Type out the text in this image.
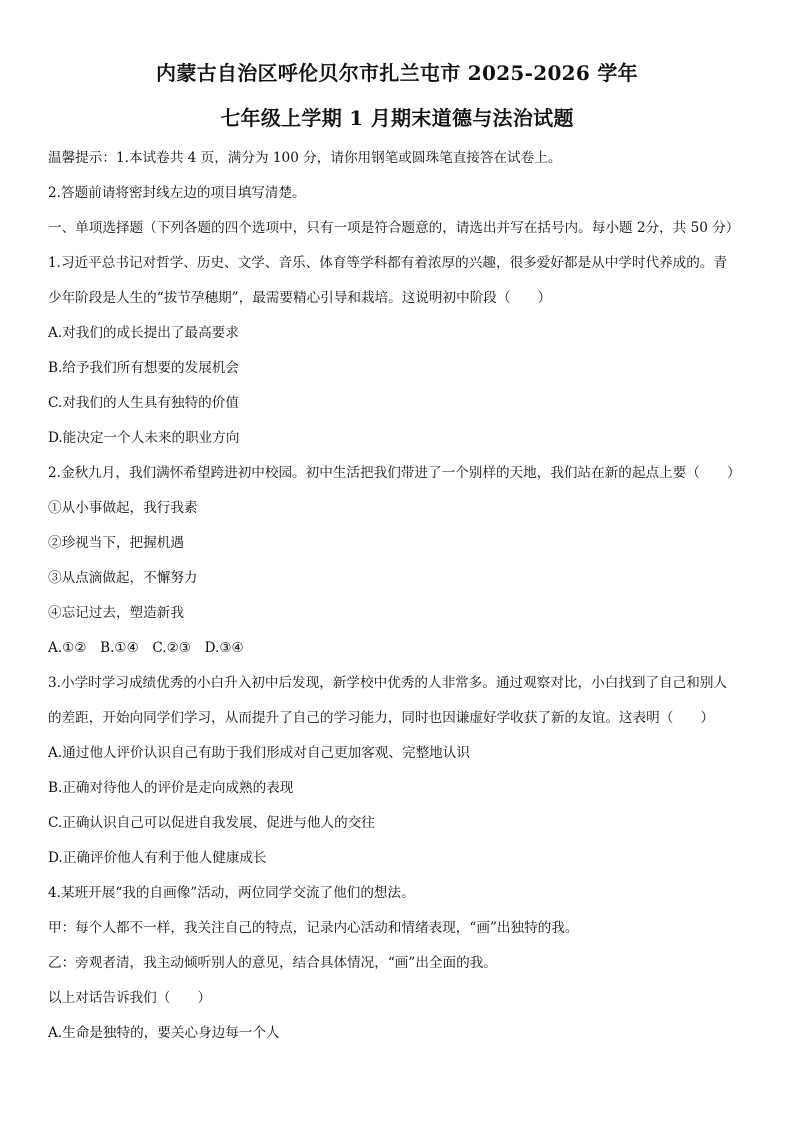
内蒙古自治区呼伦贝尔市扎兰屯市 2025-2026 学年
七年级上学期 1 月期末道德与法治试题
温馨提示：1.本试卷共 4 页，满分为 100 分，请你用钢笔或圆珠笔直接答在试卷上。
2.答题前请将密封线左边的项目填写清楚。
一、单项选择题（下列各题的四个选项中，只有一项是符合题意的，请选出并写在括号内。每小题 2分，共 50 分）
1.习近平总书记对哲学、历史、文学、音乐、体育等学科都有着浓厚的兴趣，很多爱好都是从中学时代养成的。青
少年阶段是人生的“拔节孕穗期”，最需要精心引导和栽培。这说明初中阶段（　　）
A.对我们的成长提出了最高要求
B.给予我们所有想要的发展机会
C.对我们的人生具有独特的价值
D.能决定一个人未来的职业方向
2.金秋九月，我们满怀希望跨进初中校园。初中生活把我们带进了一个别样的天地，我们站在新的起点上要（　　）
①从小事做起，我行我素
②珍视当下，把握机遇
③从点滴做起，不懈努力
④忘记过去，塑造新我
A.①②　B.①④　C.②③　D.③④
3.小学时学习成绩优秀的小白升入初中后发现，新学校中优秀的人非常多。通过观察对比，小白找到了自己和别人
的差距，开始向同学们学习，从而提升了自己的学习能力，同时也因谦虚好学收获了新的友谊。这表明（　　）
A.通过他人评价认识自己有助于我们形成对自己更加客观、完整地认识
B.正确对待他人的评价是走向成熟的表现
C.正确认识自己可以促进自我发展、促进与他人的交往
D.正确评价他人有利于他人健康成长
4.某班开展“我的自画像”活动，两位同学交流了他们的想法。
甲：每个人都不一样，我关注自己的特点，记录内心活动和情绪表现，“画”出独特的我。
乙：旁观者清，我主动倾听别人的意见，结合具体情况，“画”出全面的我。
以上对话告诉我们（　　）
A.生命是独特的，要关心身边每一个人
